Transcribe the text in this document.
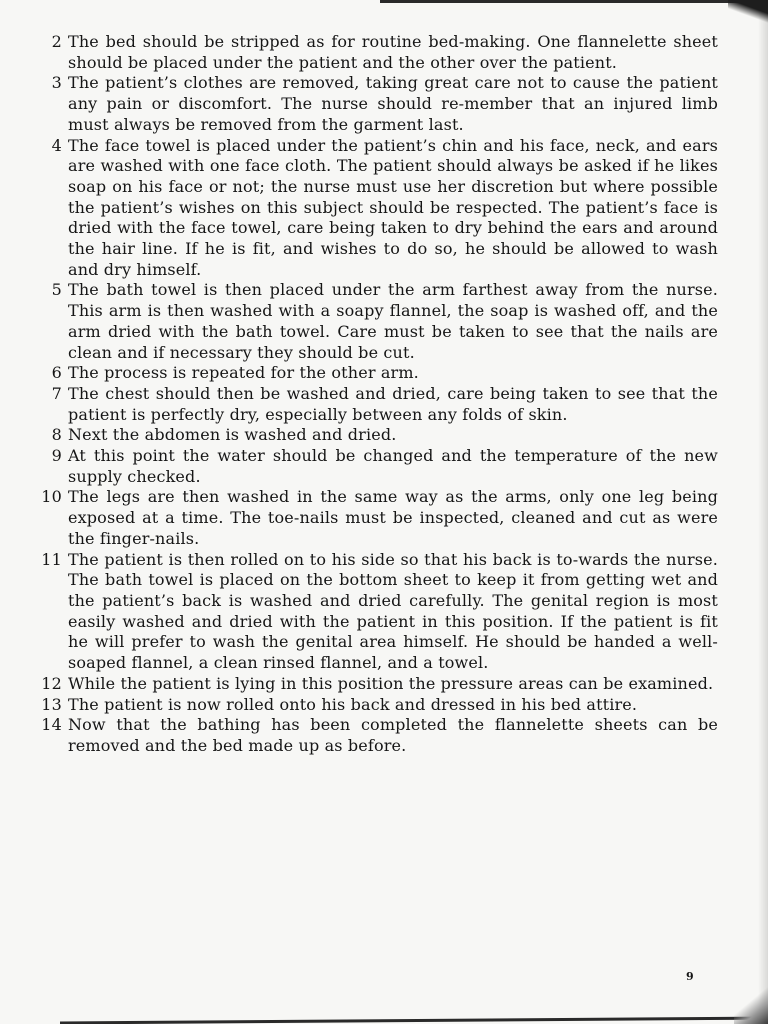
2 The bed should be stripped as for routine bed-making. One flannelette sheet should be placed under the patient and the other over the patient.
3 The patient’s clothes are removed, taking great care not to cause the patient any pain or discomfort. The nurse should re-member that an injured limb must always be removed from the garment last.
4 The face towel is placed under the patient’s chin and his face, neck, and ears are washed with one face cloth. The patient should always be asked if he likes soap on his face or not; the nurse must use her discretion but where possible the patient’s wishes on this subject should be respected. The patient’s face is dried with the face towel, care being taken to dry behind the ears and around the hair line. If he is fit, and wishes to do so, he should be allowed to wash and dry himself.
5 The bath towel is then placed under the arm farthest away from the nurse. This arm is then washed with a soapy flannel, the soap is washed off, and the arm dried with the bath towel. Care must be taken to see that the nails are clean and if necessary they should be cut.
6 The process is repeated for the other arm.
7 The chest should then be washed and dried, care being taken to see that the patient is perfectly dry, especially between any folds of skin.
8 Next the abdomen is washed and dried.
9 At this point the water should be changed and the temperature of the new supply checked.
10 The legs are then washed in the same way as the arms, only one leg being exposed at a time. The toe-nails must be inspected, cleaned and cut as were the finger-nails.
11 The patient is then rolled on to his side so that his back is to-wards the nurse. The bath towel is placed on the bottom sheet to keep it from getting wet and the patient’s back is washed and dried carefully. The genital region is most easily washed and dried with the patient in this position. If the patient is fit he will prefer to wash the genital area himself. He should be handed a well-soaped flannel, a clean rinsed flannel, and a towel.
12 While the patient is lying in this position the pressure areas can be examined.
13 The patient is now rolled onto his back and dressed in his bed attire.
14 Now that the bathing has been completed the flannelette sheets can be removed and the bed made up as before.
9
